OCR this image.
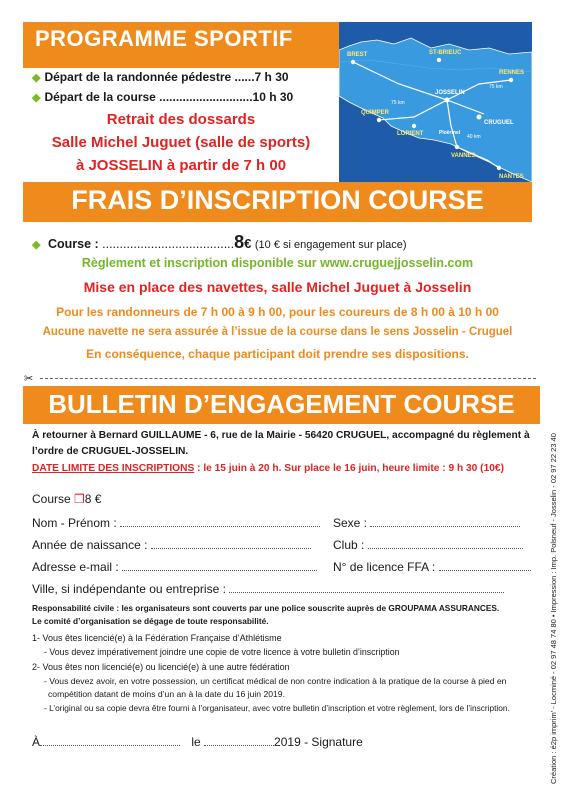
PROGRAMME SPORTIF
◆ Départ de la randonnée pédestre ......7 h 30
◆ Départ de la course ............................10 h 30
Retrait des dossards
Salle Michel Juguet (salle de sports)
à JOSSELIN à partir de 7 h 00
BREST	ST-BRIEUC
RENNES
QUIMPER
JOSSELIN
CRUGUEL
LORIENT	Ploërmel
VANNES
NANTES
75 km
75 km
40 km
FRAIS D’INSCRIPTION COURSE
◆ Course : ......................................8€ (10 € si engagement sur place)
Règlement et inscription disponible sur www.cruguejjosselin.com
Mise en place des navettes, salle Michel Juguet à Josselin
Pour les randonneurs de 7 h 00 à 9 h 00, pour les coureurs de 8 h 00 à 10 h 00
Aucune navette ne sera assurée à l’issue de la course dans le sens Josselin - Cruguel
En conséquence, chaque participant doit prendre ses dispositions.
✂
BULLETIN D’ENGAGEMENT COURSE
À retourner à Bernard GUILLAUME - 6, rue de la Mairie - 56420 CRUGUEL, accompagné du règlement à
l’ordre de CRUGUEL-JOSSELIN.
DATE LIMITE DES INSCRIPTIONS : le 15 juin à 20 h. Sur place le 16 juin, heure limite : 9 h 30 (10€)
Course ❒8 €
Nom - Prénom :	Sexe :
Année de naissance :	Club :
Adresse e-mail :	N° de licence FFA :
Ville, si indépendante ou entreprise :
Responsabilité civile : les organisateurs sont couverts par une police souscrite auprès de GROUPAMA ASSURANCES.
Le comité d’organisation se dégage de toute responsabilité.
1- Vous êtes licencié(e) à la Fédération Française d’Athlétisme
- Vous devez impérativement joindre une copie de votre licence à votre bulletin d’inscription
2- Vous êtes non licencié(e) ou licencié(e) à une autre fédération
- Vous devez avoir, en votre possession, un certificat médical de non contre indication à la pratique de la course à pied en
compétition datant de moins d’un an à la date du 16 juin 2019.
- L’original ou sa copie devra être fourni à l’organisateur, avec votre bulletin d’inscription et votre règlement, lors de l’inscription.
À	le	2019 - Signature	Création : é2p imprim’ - Locminé - 02 97 48 74 80 • Impression : Imp. Polsneuf - Josselin - 02 97 22 23 40
